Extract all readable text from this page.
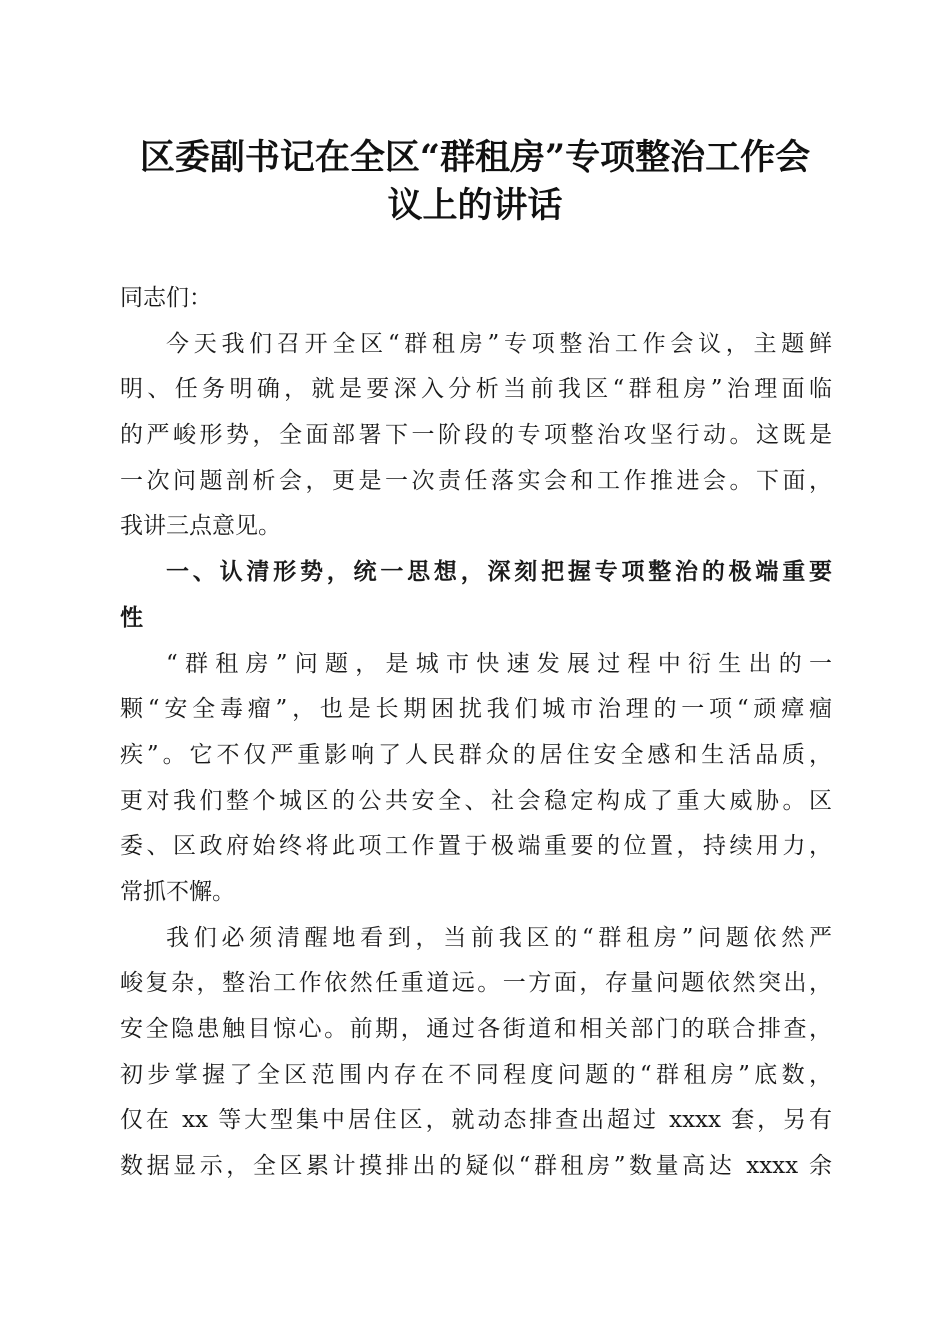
区委副书记在全区“群租房”专项整治工作会
议上的讲话
同志们：
今天我们召开全区“群租房”专项整治工作会议，主题鲜
明、任务明确，就是要深入分析当前我区“群租房”治理面临
的严峻形势，全面部署下一阶段的专项整治攻坚行动。这既是
一次问题剖析会，更是一次责任落实会和工作推进会。下面，
我讲三点意见。
一、认清形势，统一思想，深刻把握专项整治的极端重要
性
“群租房”问题，是城市快速发展过程中衍生出的一
颗“安全毒瘤”，也是长期困扰我们城市治理的一项“顽瘴痼
疾”。它不仅严重影响了人民群众的居住安全感和生活品质，
更对我们整个城区的公共安全、社会稳定构成了重大威胁。区
委、区政府始终将此项工作置于极端重要的位置，持续用力，
常抓不懈。
我们必须清醒地看到，当前我区的“群租房”问题依然严
峻复杂，整治工作依然任重道远。一方面，存量问题依然突出，
安全隐患触目惊心。前期，通过各街道和相关部门的联合排查，
初步掌握了全区范围内存在不同程度问题的“群租房”底数，
仅在 xx 等大型集中居住区，就动态排查出超过 xxxx 套，另有
数据显示，全区累计摸排出的疑似“群租房”数量高达 xxxx 余
